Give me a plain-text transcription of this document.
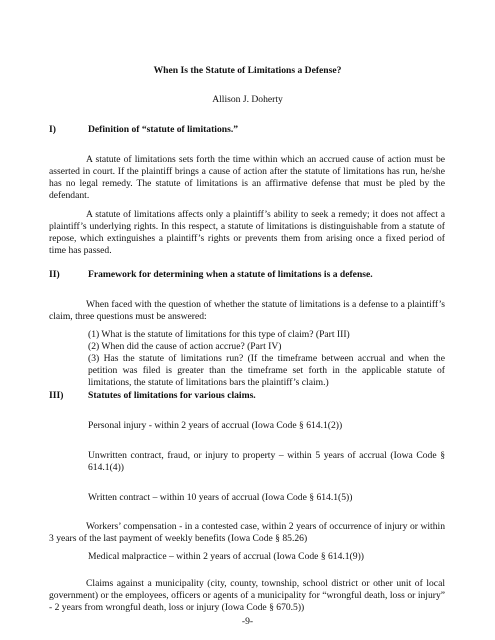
When Is the Statute of Limitations a Defense?
Allison J. Doherty
I)	Definition of “statute of limitations.”

A statute of limitations sets forth the time within which an accrued cause of action must be asserted in court. If the plaintiff brings a cause of action after the statute of limitations has run, he/she has no legal remedy. The statute of limitations is an affirmative defense that must be pled by the defendant.

A statute of limitations affects only a plaintiff’s ability to seek a remedy; it does not affect a plaintiff’s underlying rights. In this respect, a statute of limitations is distinguishable from a statute of repose, which extinguishes a plaintiff’s rights or prevents them from arising once a fixed period of time has passed.

II)	Framework for determining when a statute of limitations is a defense.

When faced with the question of whether the statute of limitations is a defense to a plaintiff’s claim, three questions must be answered:

(1) What is the statute of limitations for this type of claim? (Part III)
(2) When did the cause of action accrue? (Part IV)
(3) Has the statute of limitations run? (If the timeframe between accrual and when the petition was filed is greater than the timeframe set forth in the applicable statute of limitations, the statute of limitations bars the plaintiff’s claim.)
III)	Statutes of limitations for various claims.

Personal injury - within 2 years of accrual (Iowa Code § 614.1(2))

Unwritten contract, fraud, or injury to property – within 5 years of accrual (Iowa Code § 614.1(4))

Written contract – within 10 years of accrual (Iowa Code § 614.1(5))

Workers’ compensation - in a contested case, within 2 years of occurrence of injury or within 3 years of the last payment of weekly benefits (Iowa Code § 85.26)

Medical malpractice – within 2 years of accrual (Iowa Code § 614.1(9))

Claims against a municipality (city, county, township, school district or other unit of local government) or the employees, officers or agents of a municipality for “wrongful death, loss or injury” - 2 years from wrongful death, loss or injury (Iowa Code § 670.5))

-9-
